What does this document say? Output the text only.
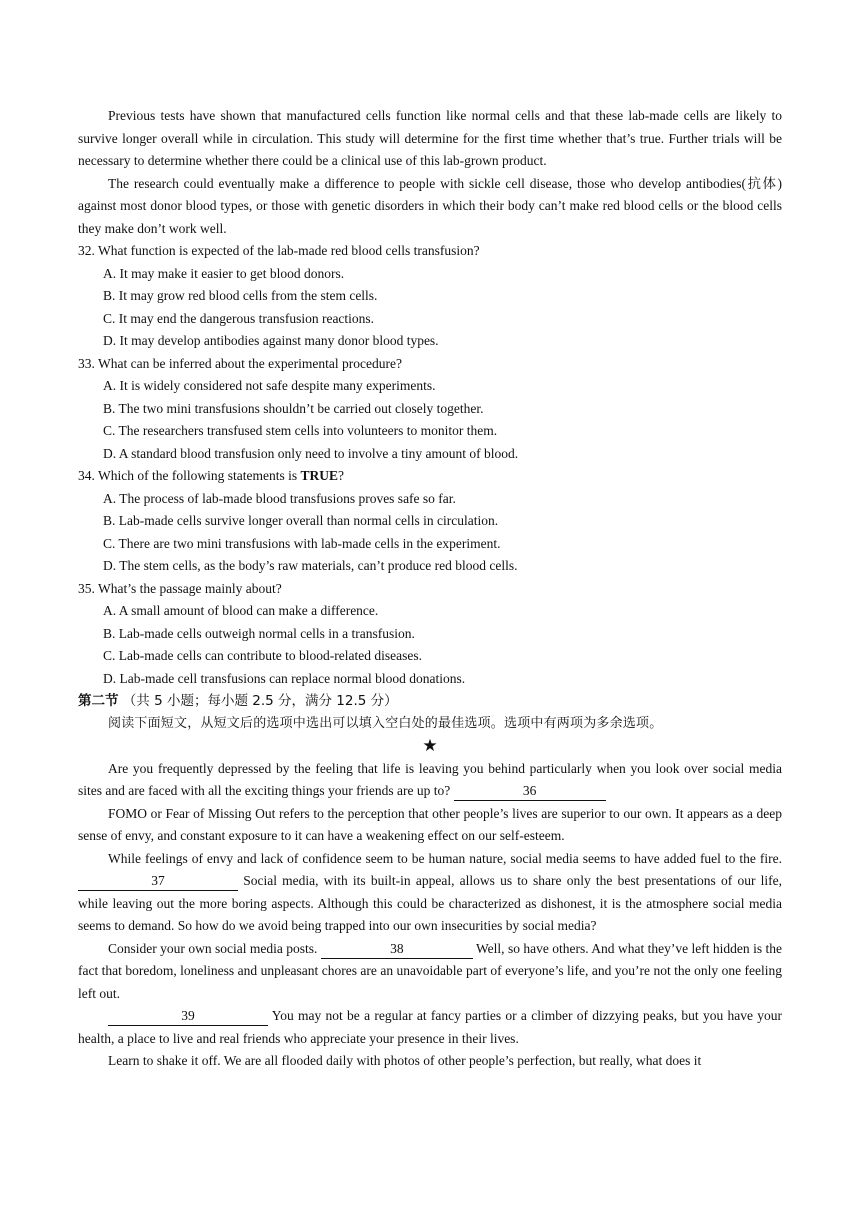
Previous tests have shown that manufactured cells function like normal cells and that these lab-made cells are likely to survive longer overall while in circulation. This study will determine for the first time whether that’s true. Further trials will be necessary to determine whether there could be a clinical use of this lab-grown product.

The research could eventually make a difference to people with sickle cell disease, those who develop antibodies(抗体) against most donor blood types, or those with genetic disorders in which their body can’t make red blood cells or the blood cells they make don’t work well.

32. What function is expected of the lab-made red blood cells transfusion?

A. It may make it easier to get blood donors.

B. It may grow red blood cells from the stem cells.

C. It may end the dangerous transfusion reactions.

D. It may develop antibodies against many donor blood types.

33. What can be inferred about the experimental procedure?

A. It is widely considered not safe despite many experiments.

B. The two mini transfusions shouldn’t be carried out closely together.

C. The researchers transfused stem cells into volunteers to monitor them.

D. A standard blood transfusion only need to involve a tiny amount of blood.

34. Which of the following statements is TRUE?

A. The process of lab-made blood transfusions proves safe so far.

B. Lab-made cells survive longer overall than normal cells in circulation.

C. There are two mini transfusions with lab-made cells in the experiment.

D. The stem cells, as the body’s raw materials, can’t produce red blood cells.

35. What’s the passage mainly about?

A. A small amount of blood can make a difference.

B. Lab-made cells outweigh normal cells in a transfusion.

C. Lab-made cells can contribute to blood-related diseases.

D. Lab-made cell transfusions can replace normal blood donations.

第二节 （共 5 小题；每小题 2.5 分，满分 12.5 分）

阅读下面短文，从短文后的选项中选出可以填入空白处的最佳选项。选项中有两项为多余选项。

★

Are you frequently depressed by the feeling that life is leaving you behind particularly when you look over social media sites and are faced with all the exciting things your friends are up to?	36

FOMO or Fear of Missing Out refers to the perception that other people’s lives are superior to our own. It appears as a deep sense of envy, and constant exposure to it can have a weakening effect on our self-esteem.

While feelings of envy and lack of confidence seem to be human nature, social media seems to have added fuel to the fire. 37	Social media, with its built-in appeal, allows us to share only the best presentations of our life, while leaving out the more boring aspects. Although this could be characterized as dishonest, it is the atmosphere social media seems to demand. So how do we avoid being trapped into our own insecurities by social media?

Consider your own social media posts.	38	Well, so have others. And what they’ve left hidden is the fact that boredom, loneliness and unpleasant chores are an unavoidable part of everyone’s life, and you’re not the only one feeling left out.

39	You may not be a regular at fancy parties or a climber of dizzying peaks, but you have your health, a place to live and real friends who appreciate your presence in their lives.

Learn to shake it off. We are all flooded daily with photos of other people’s perfection, but really, what does it
